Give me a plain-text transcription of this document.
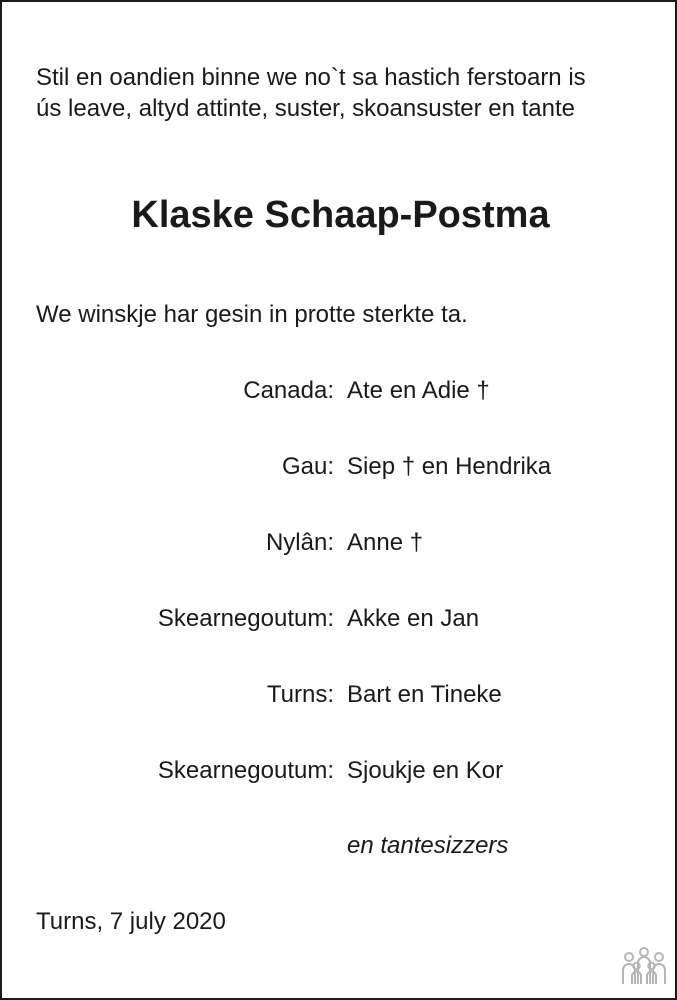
Stil en oandien binne we no`t sa hastich ferstoarn is
ús leave, altyd attinte, suster, skoansuster en tante

Klaske Schaap-Postma

We winskje har gesin in protte sterkte ta.

Canada: Ate en Adie †
Gau: Siep † en Hendrika
Nylân: Anne †
Skearnegoutum: Akke en Jan
Turns: Bart en Tineke
Skearnegoutum: Sjoukje en Kor
en tantesizzers
Turns, 7 july 2020
